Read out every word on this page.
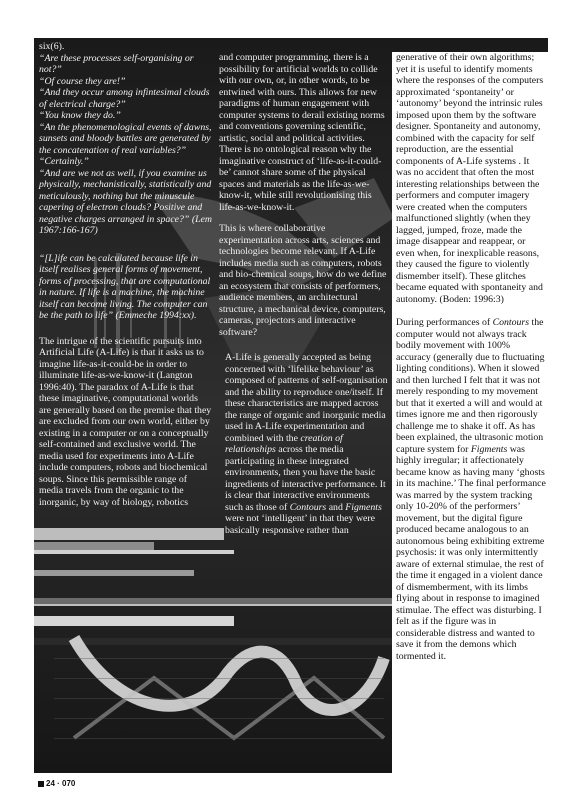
six(6).

“Are these processes self-organising or not?”

“Of course they are!”

“And they occur among infintesimal clouds of electrical charge?”

“You know they do.”

“An the phenomenological events of dawns, sunsets and bloody battles are generated by the concatenation of real variables?”

“Certainly.”

“And are we not as well, if you examine us physically, mechanistically, statistically and meticulously, nothing but the minuscule capering of electron clouds? Positive and negative charges arranged in space?” (Lem 1967:166-167)

“[L]ife can be calculated because life in itself realises general forms of movement, forms of processing, that are computational in nature. If life is a machine, the machine itself can become living. The computer can be the path to life” (Emmeche 1994:xx).

The intrigue of the scientific pursuits into Artificial Life (A-Life) is that it asks us to imagine life-as-it-could-be in order to illuminate life-as-we-know-it (Langton 1996:40). The paradox of A-Life is that these imaginative, computational worlds are generally based on the premise that they are excluded from our own world, either by existing in a computer or on a conceptually self-contained and exclusive world. The media used for experiments into A-Life include computers, robots and biochemical soups. Since this permissible range of media travels from the organic to the inorganic, by way of biology, robotics

and computer programming, there is a possibility for artificial worlds to collide with our own, or, in other words, to be entwined with ours. This allows for new paradigms of human engagement with computer systems to derail existing norms and conventions governing scientific, artistic, social and political activities. There is no ontological reason why the imaginative construct of ‘life-as-it-could-be’ cannot share some of the physical spaces and materials as the life-as-we-know-it, while still revolutionising this life-as-we-know-it.

This is where collaborative experimentation across arts, sciences and technologies become relevant. If A-Life includes media such as computers, robots and bio-chemical soups, how do we define an ecosystem that consists of performers, audience members, an architectural structure, a mechanical device, computers, cameras, projectors and interactive software?

A-Life is generally accepted as being concerned with ‘lifelike behaviour’ as composed of patterns of self-organisation and the ability to reproduce one/itself. If these characteristics are mapped across the range of organic and inorganic media used in A-Life experimentation and combined with the creation of relationships across the media participating in these integrated environments, then you have the basic ingredients of interactive performance. It is clear that interactive environments such as those of Contours and Figments were not ‘intelligent’ in that they were basically responsive rather than

generative of their own algorithms; yet it is useful to identify moments where the responses of the computers approximated ‘spontaneity’ or ‘autonomy’ beyond the intrinsic rules imposed upon them by the software designer. Spontaneity and autonomy, combined with the capacity for self reproduction, are the essential components of A-Life systems . It was no accident that often the most interesting relationships between the performers and computer imagery were created when the computers malfunctioned slightly (when they lagged, jumped, froze, made the image disappear and reappear, or even when, for inexplicable reasons, they caused the figure to violently dismember itself). These glitches became equated with spontaneity and autonomy. (Boden: 1996:3)

During performances of Contours the computer would not always track bodily movement with 100% accuracy (generally due to fluctuating lighting conditions). When it slowed and then lurched I felt that it was not merely responding to my movement but that it exerted a will and would at times ignore me and then rigorously challenge me to shake it off. As has been explained, the ultrasonic motion capture system for Figments was highly irregular; it affectionately became know as having many ‘ghosts in its machine.’ The final performance was marred by the system tracking only 10-20% of the performers’ movement, but the digital figure produced became analogous to an autonomous being exhibiting extreme psychosis: it was only intermittently aware of external stimulae, the rest of the time it engaged in a violent dance of dismemberment, with its limbs flying about in response to imagined stimulae. The effect was disturbing. I felt as if the figure was in considerable distress and wanted to save it from the demons which tormented it.

24 · 070
